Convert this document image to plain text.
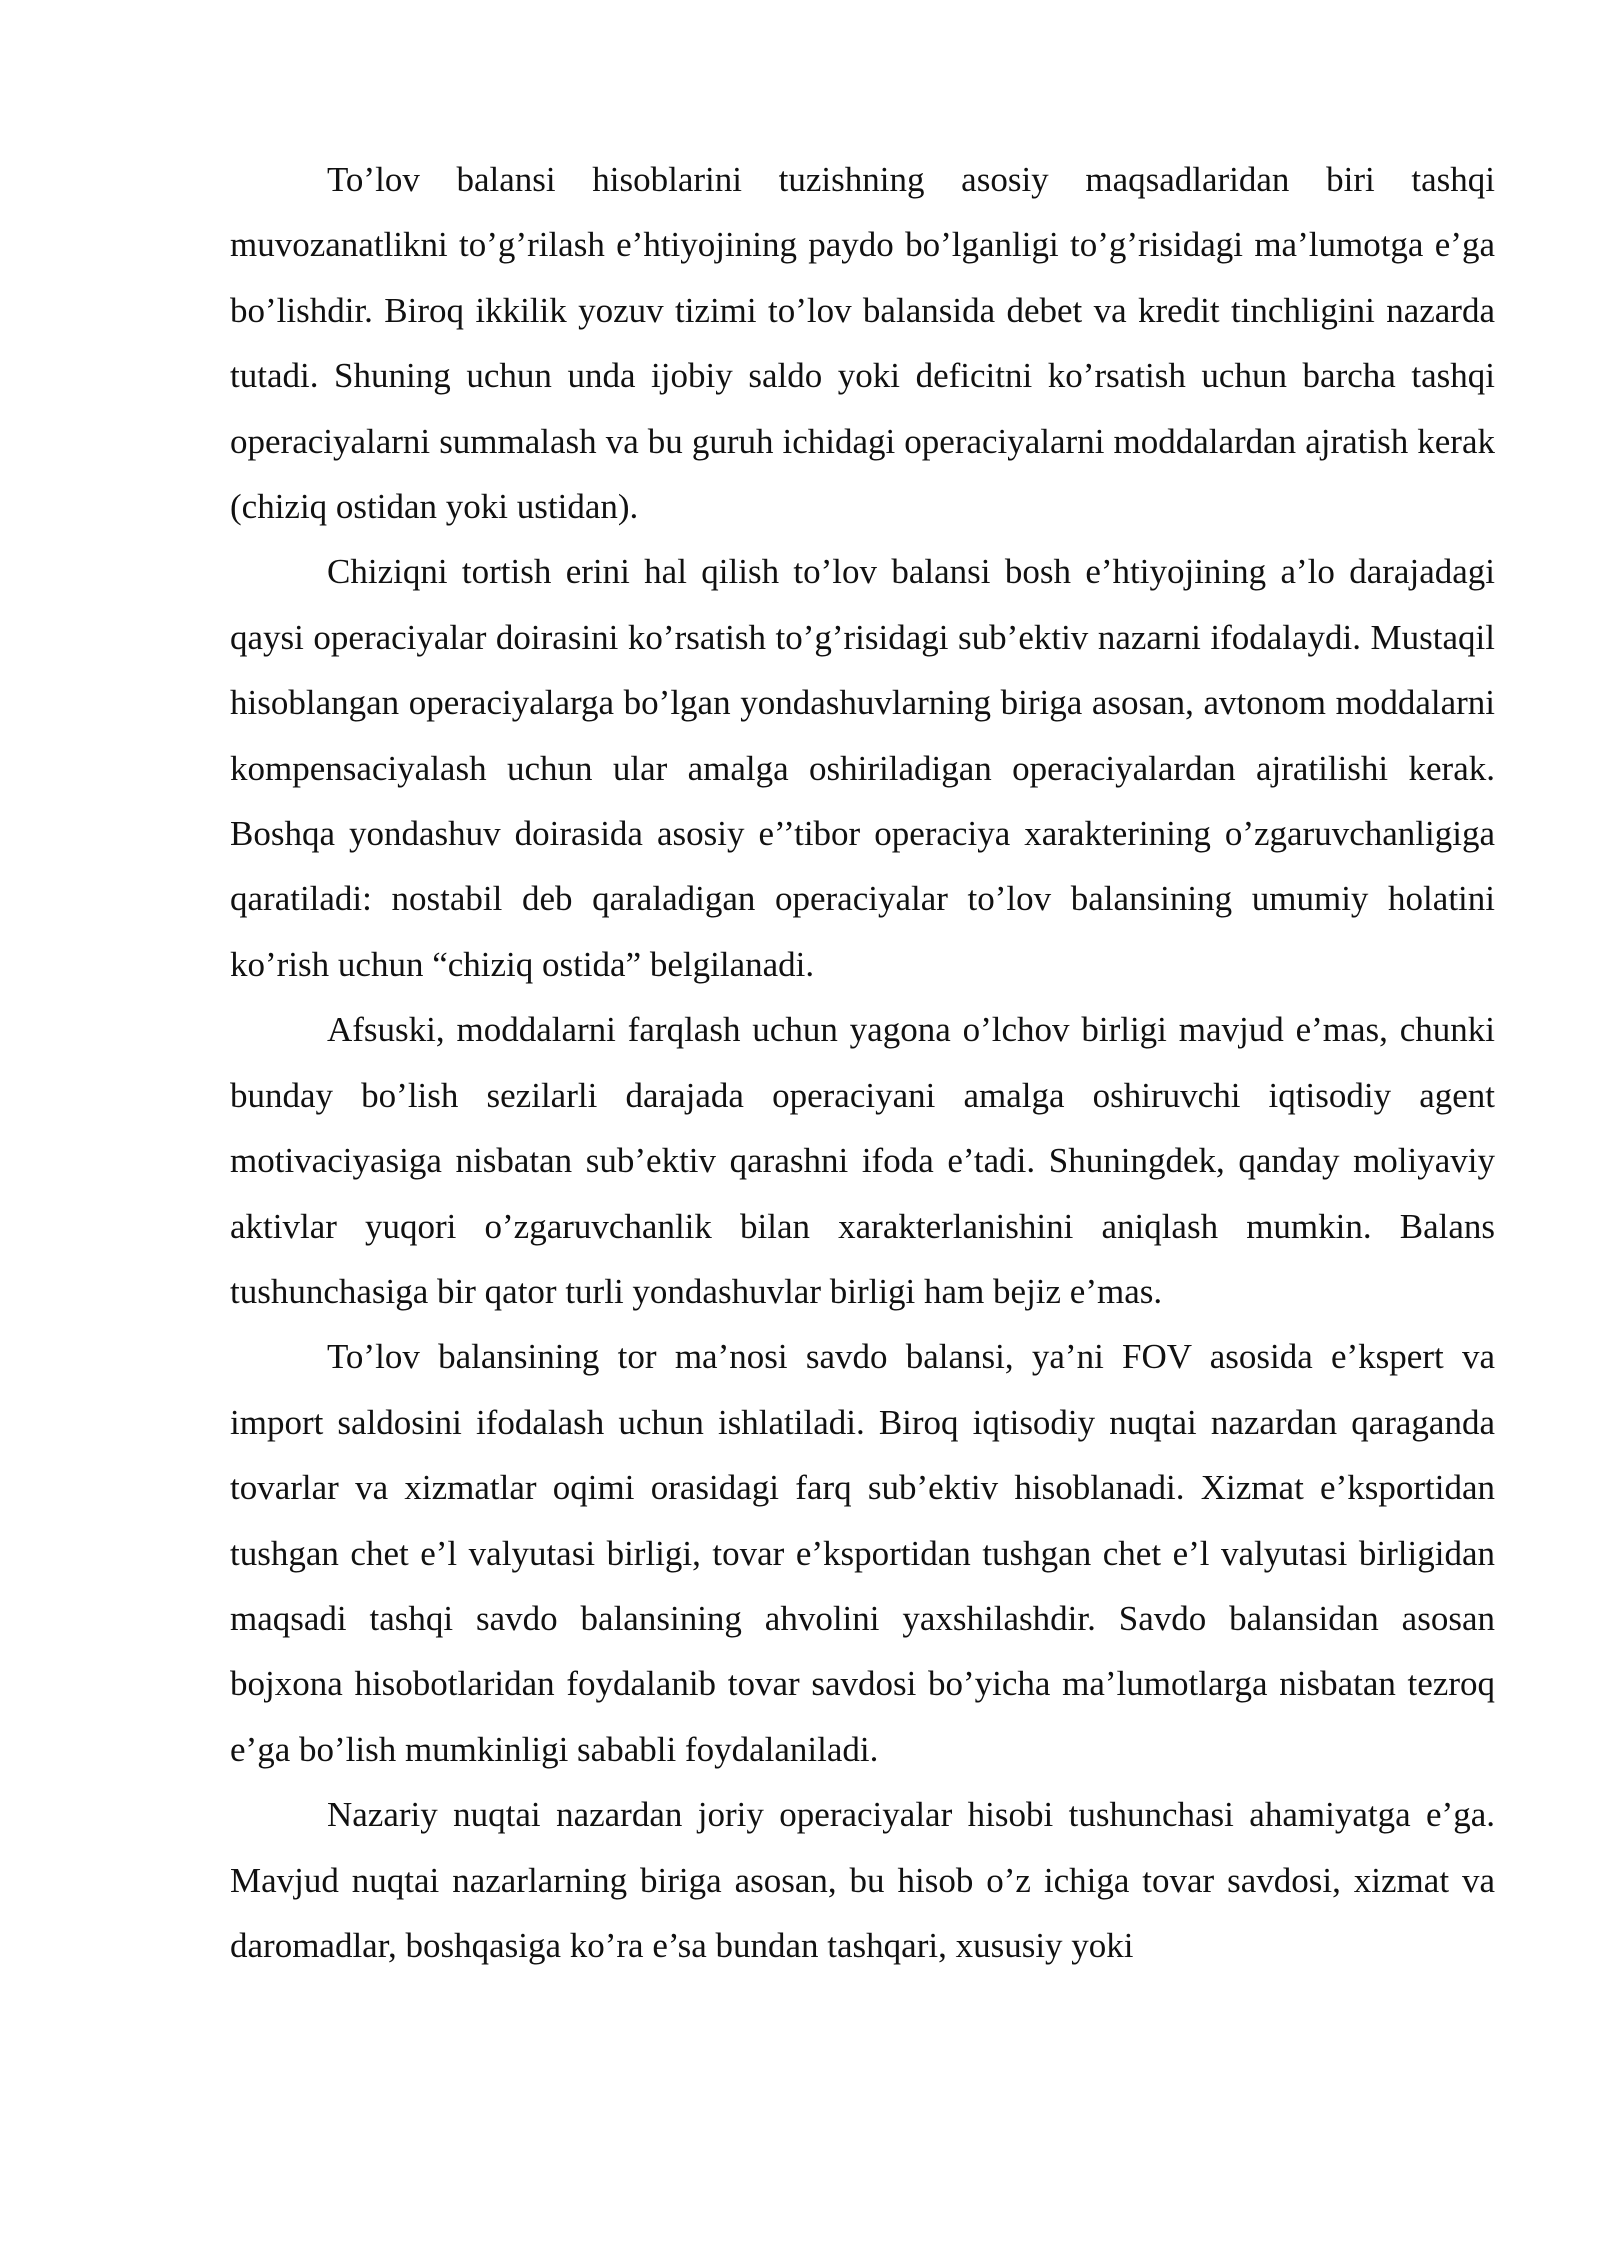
To’lov balansi hisoblarini tuzishning asosiy maqsadlaridan biri tashqi muvozanatlikni to’g’rilash e’htiyojining paydo bo’lganligi to’g’risidagi ma’lumotga e’ga bo’lishdir. Biroq ikkilik yozuv tizimi to’lov balansida debet va kredit tinchligini nazarda tutadi. Shuning uchun unda ijobiy saldo yoki deficitni ko’rsatish uchun barcha tashqi operaciyalarni summalash va bu guruh ichidagi operaciyalarni moddalardan ajratish kerak (chiziq ostidan yoki ustidan).

Chiziqni tortish erini hal qilish to’lov balansi bosh e’htiyojining a’lo darajadagi qaysi operaciyalar doirasini ko’rsatish to’g’risidagi sub’ektiv nazarni ifodalaydi. Mustaqil hisoblangan operaciyalarga bo’lgan yondashuvlarning biriga asosan, avtonom moddalarni kompensaciyalash uchun ular amalga oshiriladigan operaciyalardan ajratilishi kerak. Boshqa yondashuv doirasida asosiy e’’tibor operaciya xarakterining o’zgaruvchanligiga qaratiladi: nostabil deb qaraladigan operaciyalar to’lov balansining umumiy holatini ko’rish uchun “chiziq ostida” belgilanadi.

Afsuski, moddalarni farqlash uchun yagona o’lchov birligi mavjud e’mas, chunki bunday bo’lish sezilarli darajada operaciyani amalga oshiruvchi iqtisodiy agent motivaciyasiga nisbatan sub’ektiv qarashni ifoda e’tadi. Shuningdek, qanday moliyaviy aktivlar yuqori o’zgaruvchanlik bilan xarakterlanishini aniqlash mumkin. Balans tushunchasiga bir qator turli yondashuvlar birligi ham bejiz e’mas.

To’lov balansining tor ma’nosi savdo balansi, ya’ni FOV asosida e’kspert va import saldosini ifodalash uchun ishlatiladi. Biroq iqtisodiy nuqtai nazardan qaraganda tovarlar va xizmatlar oqimi orasidagi farq sub’ektiv hisoblanadi. Xizmat e’ksportidan tushgan chet e’l valyutasi birligi, tovar e’ksportidan tushgan chet e’l valyutasi birligidan maqsadi tashqi savdo balansining ahvolini yaxshilashdir. Savdo balansidan asosan bojxona hisobotlaridan foydalanib tovar savdosi bo’yicha ma’lumotlarga nisbatan tezroq e’ga bo’lish mumkinligi sababli foydalaniladi.

Nazariy nuqtai nazardan joriy operaciyalar hisobi tushunchasi ahamiyatga e’ga. Mavjud nuqtai nazarlarning biriga asosan, bu hisob o’z ichiga tovar savdosi, xizmat va daromadlar, boshqasiga ko’ra e’sa bundan tashqari, xususiy yoki
